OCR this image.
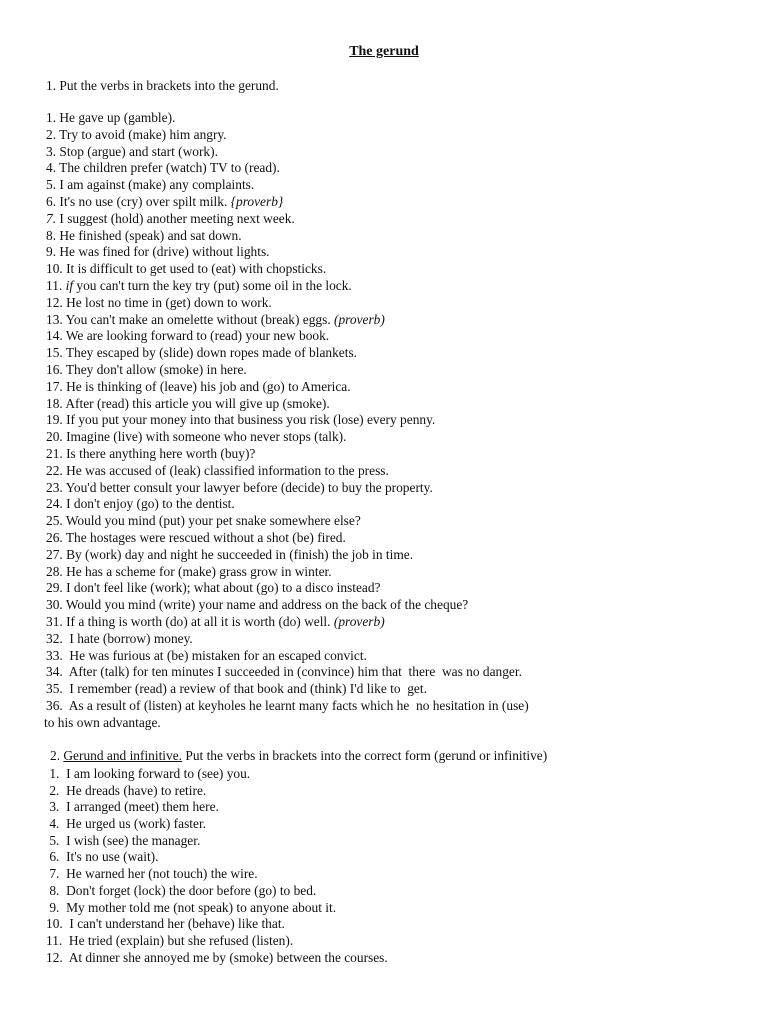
The gerund
1. Put the verbs in brackets into the gerund.
1. He gave up (gamble).
2. Try to avoid (make) him angry.
3. Stop (argue) and start (work).
4. The children prefer (watch) TV to (read).
5. I am against (make) any complaints.
6. It's no use (cry) over spilt milk. {proverb}
7. I suggest (hold) another meeting next week.
8. He finished (speak) and sat down.
9. He was fined for (drive) without lights.
10. It is difficult to get used to (eat) with chopsticks.
11. if you can't turn the key try (put) some oil in the lock.
12. He lost no time in (get) down to work.
13. You can't make an omelette without (break) eggs. (proverb)
14. We are looking forward to (read) your new book.
15. They escaped by (slide) down ropes made of blankets.
16. They don't allow (smoke) in here.
17. He is thinking of (leave) his job and (go) to America.
18. After (read) this article you will give up (smoke).
19. If you put your money into that business you risk (lose) every penny.
20. Imagine (live) with someone who never stops (talk).
21. Is there anything here worth (buy)?
22. He was accused of (leak) classified information to the press.
23. You'd better consult your lawyer before (decide) to buy the property.
24. I don't enjoy (go) to the dentist.
25. Would you mind (put) your pet snake somewhere else?
26. The hostages were rescued without a shot (be) fired.
27. By (work) day and night he succeeded in (finish) the job in time.
28. He has a scheme for (make) grass grow in winter.
29. I don't feel like (work); what about (go) to a disco instead?
30. Would you mind (write) your name and address on the back of the cheque?
31. If a thing is worth (do) at all it is worth (do) well. (proverb)
32.  I hate (borrow) money.
33.  He was furious at (be) mistaken for an escaped convict.
34.  After (talk) for ten minutes I succeeded in (convince) him that  there  was no danger.
35.  I remember (read) a review of that book and (think) I'd like to  get.
36.  As a result of (listen) at keyholes he learnt many facts which he  no hesitation in (use)
to his own advantage.
2. Gerund and infinitive. Put the verbs in brackets into the correct form (gerund or infinitive)
1.  I am looking forward to (see) you.
2.  He dreads (have) to retire.
3.  I arranged (meet) them here.
4.  He urged us (work) faster.
5.  I wish (see) the manager.
6.  It's no use (wait).
7.  He warned her (not touch) the wire.
8.  Don't forget (lock) the door before (go) to bed.
9.  My mother told me (not speak) to anyone about it.
10.  I can't understand her (behave) like that.
11.  He tried (explain) but she refused (listen).
12.  At dinner she annoyed me by (smoke) between the courses.
